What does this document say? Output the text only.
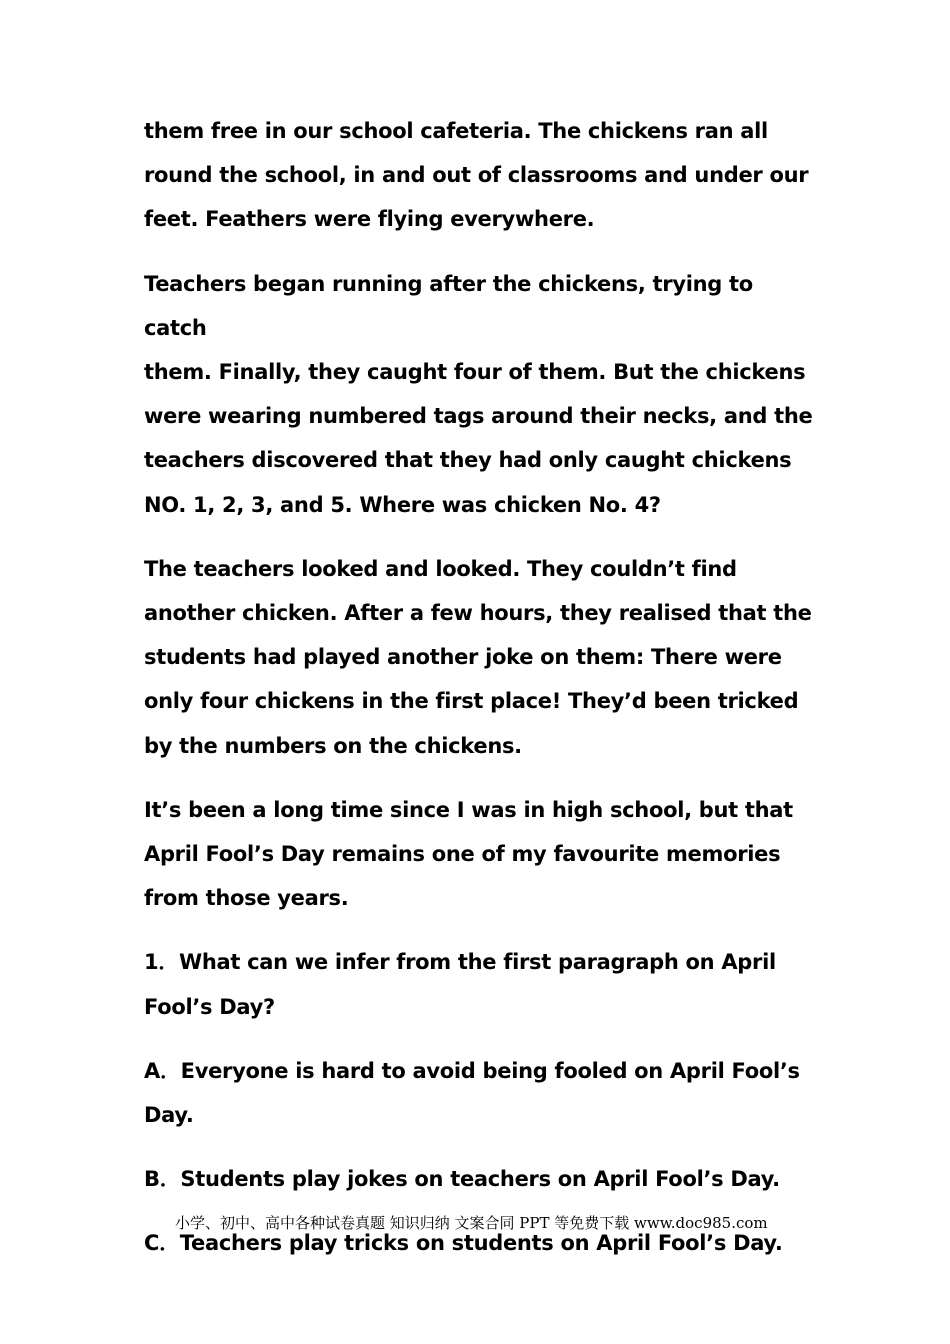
them free in our school cafeteria. The chickens ran all
round the school, in and out of classrooms and under our
feet. Feathers were flying everywhere.

Teachers began running after the chickens, trying to catch
them. Finally, they caught four of them. But the chickens
were wearing numbered tags around their necks, and the
teachers discovered that they had only caught chickens
NO. 1, 2, 3, and 5. Where was chicken No. 4?

The teachers looked and looked. They couldn’t find
another chicken. After a few hours, they realised that the
students had played another joke on them: There were
only four chickens in the first place! They’d been tricked
by the numbers on the chickens.

It’s been a long time since I was in high school, but that
April Fool’s Day remains one of my favourite memories
from those years.

1．What can we infer from the first paragraph on April
Fool’s Day?

A．Everyone is hard to avoid being fooled on April Fool’s
Day.

B．Students play jokes on teachers on April Fool’s Day.

C．Teachers play tricks on students on April Fool’s Day.

小学、初中、高中各种试卷真题 知识归纳 文案合同 PPT 等免费下载 www.doc985.com
